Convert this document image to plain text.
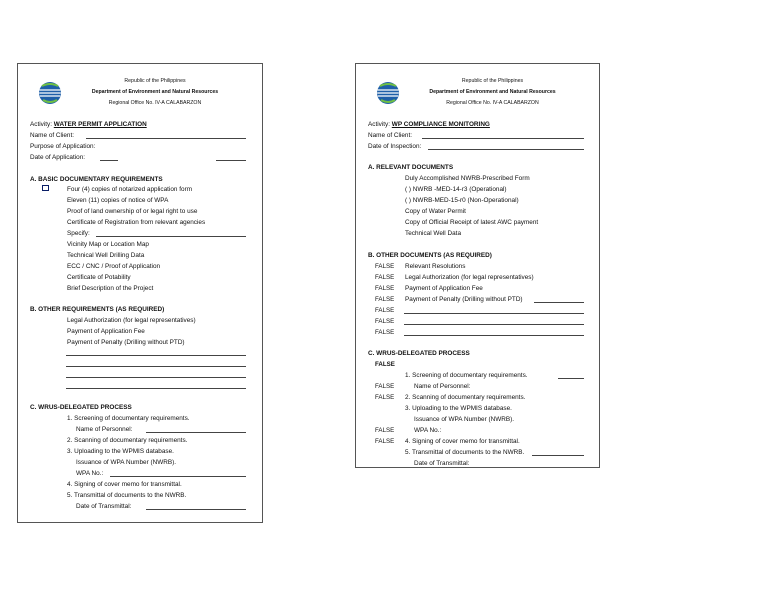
Republic of the Philippines
Department of Environment and Natural Resources
Regional Office No. IV-A CALABARZON
Activity: WATER PERMIT APPLICATION
Name of Client:
Purpose of Application:
Date of Application:
A. BASIC DOCUMENTARY REQUIREMENTS
Four (4) copies of notarized application form
Eleven (11) copies of notice of WPA
Proof of land ownership of or legal right to use
Certificate of Registration from relevant agencies
Specify:
Vicinity Map or Location Map
Technical Well Drilling Data
ECC / CNC / Proof of Application
Certificate of Potability
Brief Description of the Project
B. OTHER REQUIREMENTS (AS REQUIRED)
Legal Authorization (for legal representatives)
Payment of Application Fee
Payment of Penalty (Drilling without PTD)
C. WRUS-DELEGATED PROCESS
1. Screening of documentary requirements.
Name of Personnel:
2. Scanning of documentary requirements.
3. Uploading to the WPMIS database.
Issuance of WPA Number (NWRB).
WPA No.:
4. Signing of cover memo for transmittal.
5. Transmittal of documents to the NWRB.
Date of Transmittal:
Republic of the Philippines
Department of Environment and Natural Resources
Regional Office No. IV-A CALABARZON
Activity: WP COMPLIANCE MONITORING
Name of Client:
Date of Inspection:
A. RELEVANT DOCUMENTS
Duly Accomplished NWRB-Prescribed Form
( ) NWRB -MED-14-r3 (Operational)
( ) NWRB-MED-15-r0 (Non-Operational)
Copy of Water Permit
Copy of Official Receipt of latest AWC payment
Technical Well Data
B. OTHER DOCUMENTS (AS REQUIRED)
FALSE Relevant Resolutions
FALSE Legal Authorization (for legal representatives)
FALSE Payment of Application Fee
FALSE Payment of Penalty (Drilling without PTD)
FALSE
FALSE
FALSE
C. WRUS-DELEGATED PROCESS
FALSE
1. Screening of documentary requirements.
FALSE	Name of Personnel:
FALSE 2. Scanning of documentary requirements.
3. Uploading to the WPMIS database.
Issuance of WPA Number (NWRB).
FALSE	WPA No.:
FALSE 4. Signing of cover memo for transmittal.
5. Transmittal of documents to the NWRB.
Date of Transmittal:
